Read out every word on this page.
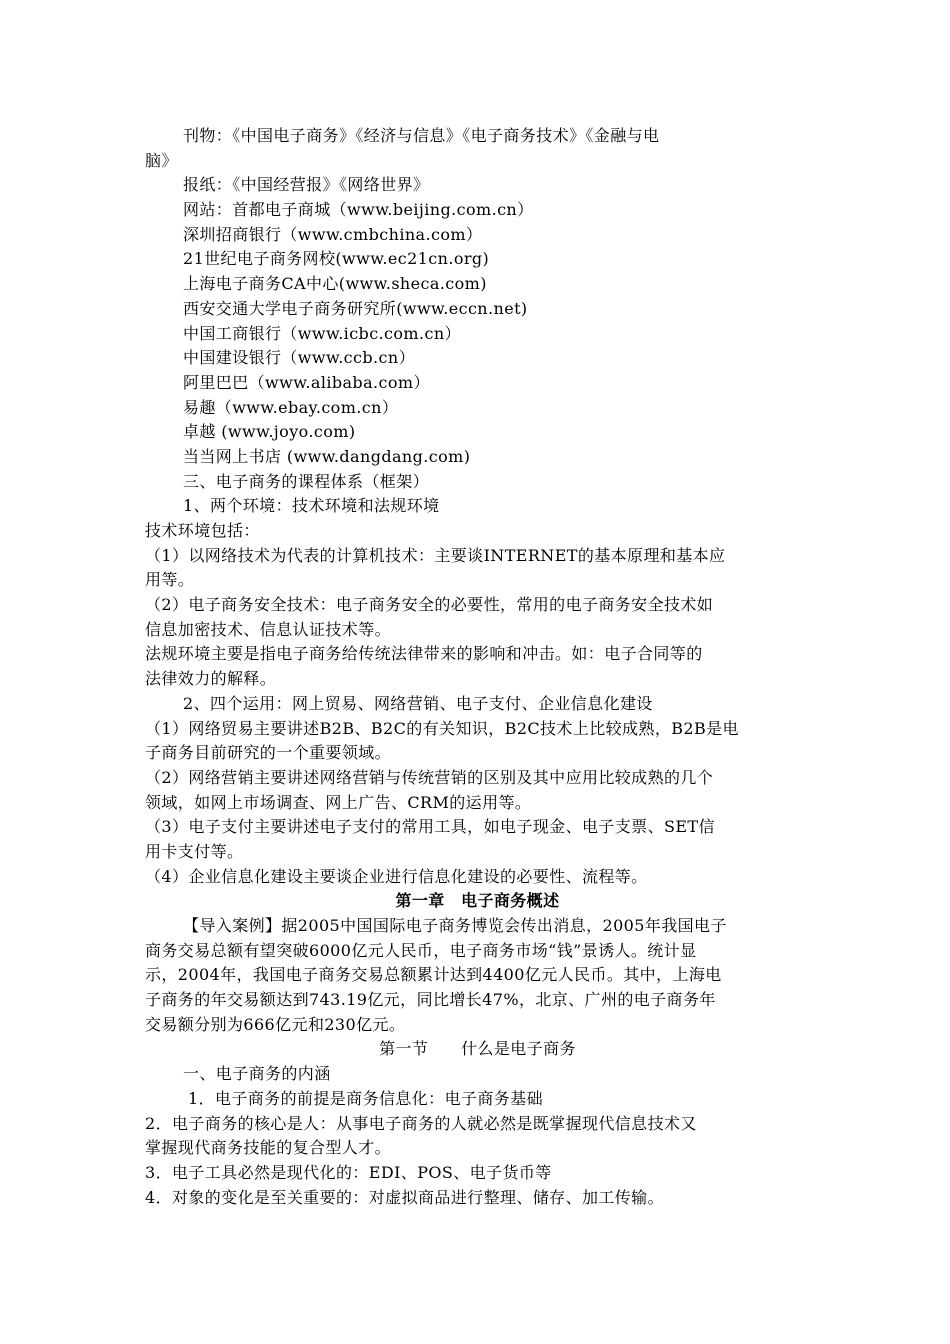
刊物：《中国电子商务》《经济与信息》《电子商务技术》《金融与电
脑》
报纸：《中国经营报》《网络世界》
网站：首都电子商城（www.beijing.com.cn）
深圳招商银行（www.cmbchina.com）
21世纪电子商务网校(www.ec21cn.org)
上海电子商务CA中心(www.sheca.com)
西安交通大学电子商务研究所(www.eccn.net)
中国工商银行（www.icbc.com.cn）
中国建设银行（www.ccb.cn）
阿里巴巴（www.alibaba.com）
易趣（www.ebay.com.cn）
卓越 (www.joyo.com)
当当网上书店 (www.dangdang.com)
三、电子商务的课程体系（框架）
1、两个环境：技术环境和法规环境
技术环境包括：
（1）以网络技术为代表的计算机技术：主要谈INTERNET的基本原理和基本应
用等。
（2）电子商务安全技术：电子商务安全的必要性，常用的电子商务安全技术如
信息加密技术、信息认证技术等。
法规环境主要是指电子商务给传统法律带来的影响和冲击。如：电子合同等的
法律效力的解释。
2、四个运用：网上贸易、网络营销、电子支付、企业信息化建设
（1）网络贸易主要讲述B2B、B2C的有关知识，B2C技术上比较成熟，B2B是电
子商务目前研究的一个重要领域。
（2）网络营销主要讲述网络营销与传统营销的区别及其中应用比较成熟的几个
领域，如网上市场调查、网上广告、CRM的运用等。
（3）电子支付主要讲述电子支付的常用工具，如电子现金、电子支票、SET信
用卡支付等。
（4）企业信息化建设主要谈企业进行信息化建设的必要性、流程等。
第一章　电子商务概述
【导入案例】据2005中国国际电子商务博览会传出消息，2005年我国电子
商务交易总额有望突破6000亿元人民币，电子商务市场“钱”景诱人。统计显
示，2004年，我国电子商务交易总额累计达到4400亿元人民币。其中，上海电
子商务的年交易额达到743.19亿元，同比增长47%，北京、广州的电子商务年
交易额分别为666亿元和230亿元。
第一节　　什么是电子商务
一、电子商务的内涵
1．电子商务的前提是商务信息化：电子商务基础
2．电子商务的核心是人：从事电子商务的人就必然是既掌握现代信息技术又
掌握现代商务技能的复合型人才。
3．电子工具必然是现代化的：EDI、POS、电子货币等
4．对象的变化是至关重要的：对虚拟商品进行整理、储存、加工传输。
